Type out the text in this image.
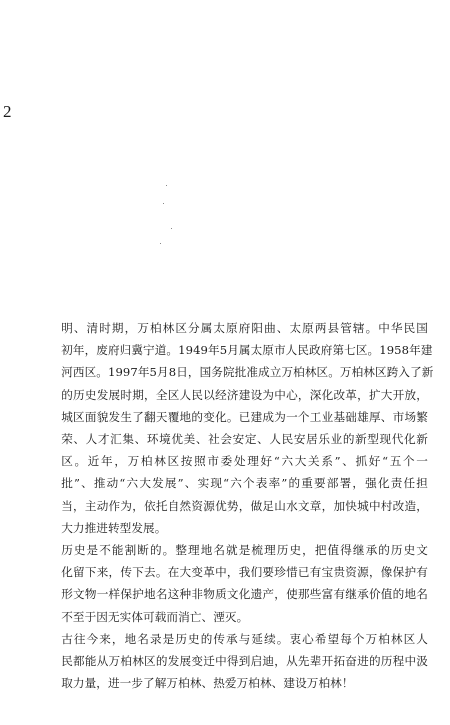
2

明、清时期，万柏林区分属太原府阳曲、太原两县管辖。中华民国
初年，废府归冀宁道。1949年5月属太原市人民政府第七区。1958年建
河西区。1997年5月8日，国务院批准成立万柏林区。万柏林区跨入了新
的历史发展时期，全区人民以经济建设为中心，深化改革，扩大开放，
城区面貌发生了翻天覆地的变化。已建成为一个工业基础雄厚、市场繁
荣、人才汇集、环境优美、社会安定、人民安居乐业的新型现代化新
区。近年，万柏林区按照市委处理好“六大关系”、抓好“五个一
批”、推动“六大发展”、实现“六个表率”的重要部署，强化责任担
当，主动作为，依托自然资源优势，做足山水文章，加快城中村改造，
大力推进转型发展。

历史是不能割断的。整理地名就是梳理历史，把值得继承的历史文
化留下来，传下去。在大变革中，我们要珍惜已有宝贵资源，像保护有
形文物一样保护地名这种非物质文化遗产，使那些富有继承价值的地名
不至于因无实体可载而消亡、湮灭。

古往今来，地名录是历史的传承与延续。衷心希望每个万柏林区人
民都能从万柏林区的发展变迁中得到启迪，从先辈开拓奋进的历程中汲
取力量，进一步了解万柏林、热爱万柏林、建设万柏林！
